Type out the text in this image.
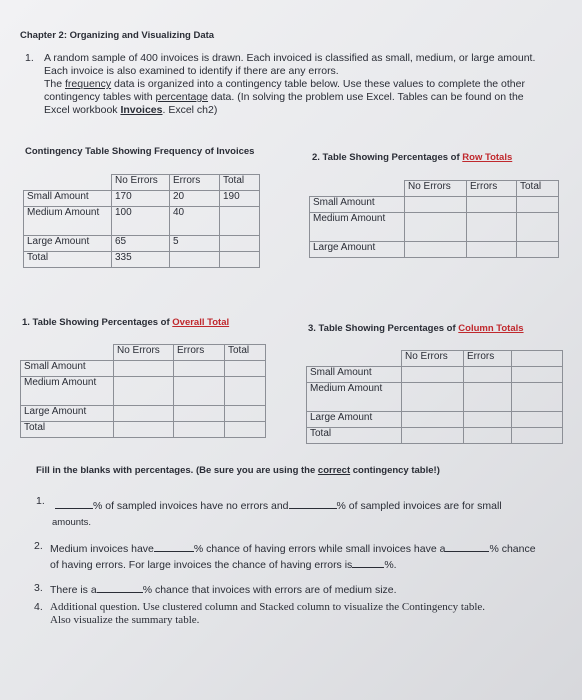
Chapter 2: Organizing and Visualizing Data
1. A random sample of 400 invoices is drawn. Each invoiced is classified as small, medium, or large amount.
Each invoice is also examined to identify if there are any errors.
The frequency data is organized into a contingency table below. Use these values to complete the other
contingency tables with percentage data. (In solving the problem use Excel. Tables can be found on the
Excel workbook Invoices. Excel ch2)
Contingency Table Showing Frequency of Invoices
	No Errors	Errors	Total
Small Amount	170	20	190
Medium Amount	100	40	
Large Amount	65	5	
Total	335		
2. Table Showing Percentages of Row Totals
	No Errors	Errors	Total
Small Amount			
Medium Amount			
Large Amount			
1. Table Showing Percentages of Overall Total
	No Errors	Errors	Total
Small Amount			
Medium Amount			
Large Amount			
Total			
3. Table Showing Percentages of Column Totals
	No Errors	Errors	
Small Amount			
Medium Amount			
Large Amount			
Total			
Fill in the blanks with percentages. (Be sure you are using the correct contingency table!)
1.	% of sampled invoices have no errors and	% of sampled invoices are for small
amounts.
2. Medium invoices have	% chance of having errors while small invoices have a	% chance
of having errors. For large invoices the chance of having errors is	%.
3. There is a	% chance that invoices with errors are of medium size.
4. Additional question. Use clustered column and Stacked column to visualize the Contingency table.
Also visualize the summary table.
